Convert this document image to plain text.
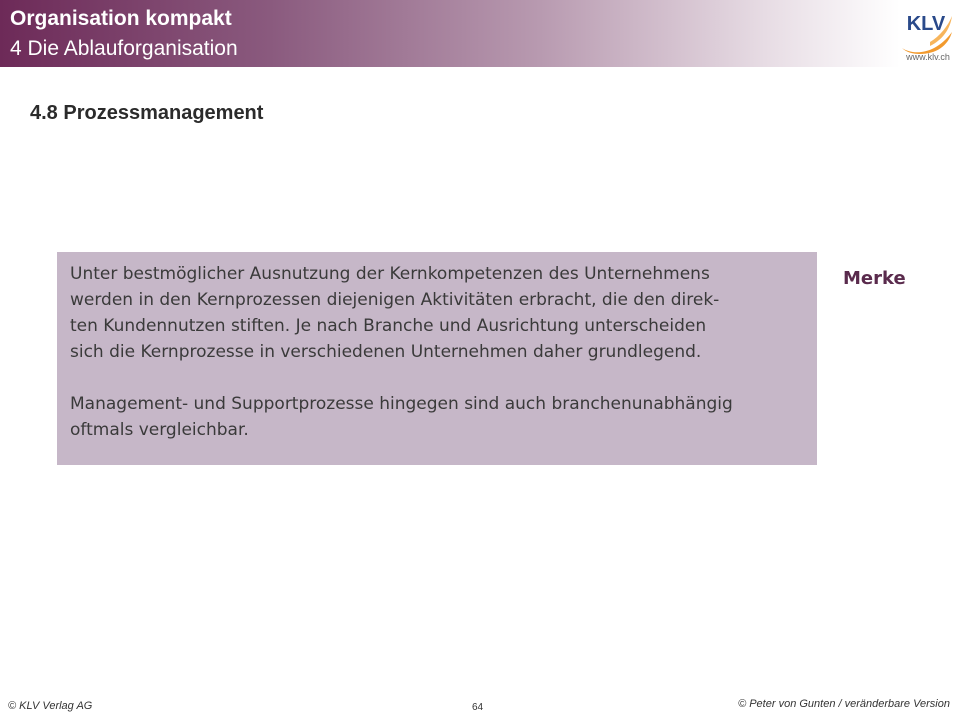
Organisation kompakt
4 Die Ablauforganisation
KLV
www.klv.ch
4.8 Prozessmanagement

Unter bestmöglicher Ausnutzung der Kernkompetenzen des Unternehmens
werden in den Kernprozessen diejenigen Aktivitäten erbracht, die den direk-
ten Kundennutzen stiften. Je nach Branche und Ausrichtung unterscheiden
sich die Kernprozesse in verschiedenen Unternehmen daher grundlegend.

Management- und Supportprozesse hingegen sind auch branchenunabhängig
oftmals vergleichbar.

Merke
© KLV Verlag AG	64	© Peter von Gunten / veränderbare Version
